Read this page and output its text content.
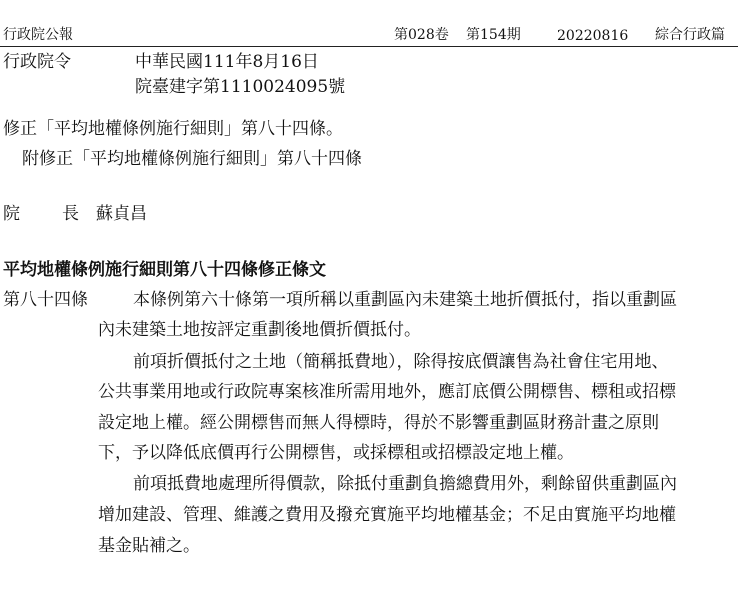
行政院公報	第028卷 第154期	20220816 綜合行政篇
行政院令	中華民國111年8月16日
院臺建字第1110024095號
修正「平均地權條例施行細則」第八十四條。
附修正「平均地權條例施行細則」第八十四條
院 長 蘇貞昌
平均地權條例施行細則第八十四條修正條文
第八十四條	本條例第六十條第一項所稱以重劃區內未建築土地折價抵付，指以重劃區
內未建築土地按評定重劃後地價折價抵付。
前項折價抵付之土地（簡稱抵費地），除得按底價讓售為社會住宅用地、
公共事業用地或行政院專案核准所需用地外，應訂底價公開標售、標租或招標
設定地上權。經公開標售而無人得標時，得於不影響重劃區財務計畫之原則
下，予以降低底價再行公開標售，或採標租或招標設定地上權。
前項抵費地處理所得價款，除抵付重劃負擔總費用外，剩餘留供重劃區內
增加建設、管理、維護之費用及撥充實施平均地權基金；不足由實施平均地權
基金貼補之。
